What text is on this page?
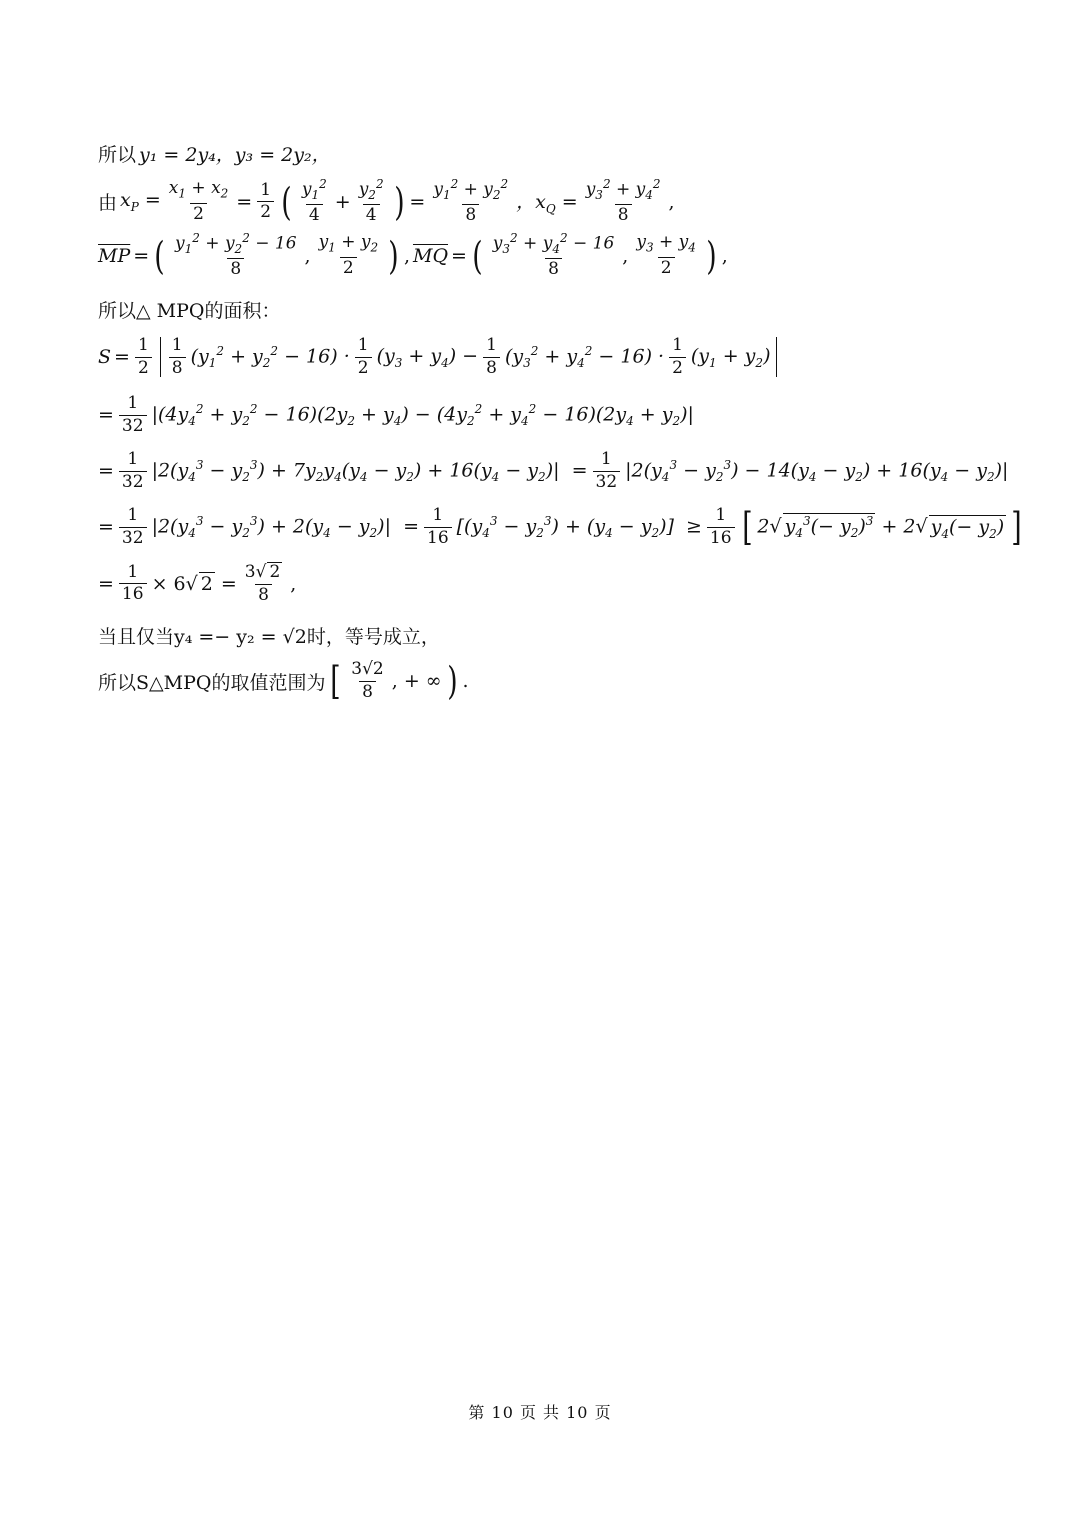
所以 y₁ = 2y₄，y₃ = 2y₂，
由 $x_P = \frac{x_1 + x_2}{2} = \frac{1}{2}$ ( $\frac{y_1^2}{4} + \frac{y_2^2}{4}$ ) = $\frac{y_1^2 + y_2^2}{8}$ ，$x_Q = \frac{y_3^2 + y_4^2}{8}$ ,
$\overline{MP}$ = ( $\frac{y_1^2 + y_2^2 - 16}{8}$ , $\frac{y_1 + y_2}{2}$ ) , $\overline{MQ}$ = ( $\frac{y_3^2 + y_4^2 - 16}{8}$ , $\frac{y_3 + y_4}{2}$ ) ,
所以△ MPQ的面积：
$S = \frac{1}{2} \frac{1}{8} (y_1^2 + y_2^2 - 16) \cdot \frac{1}{2} (y_3 + y_4) - \frac{1}{8} (y_3^2 + y_4^2 - 16) \cdot \frac{1}{2} (y_1 + y_2)$
= $\frac{1}{32} |(4y_4^2 + y_2^2 - 16)(2y_2 + y_4) - (4y_2^2 + y_4^2 - 16)(2y_4 + y_2)|$
= $\frac{1}{32} |2(y_4^3 - y_2^3) + 7y_2y_4(y_4 - y_2) + 16(y_4 - y_2)| = \frac{1}{32} |2(y_4^3 - y_2^3) - 14(y_4 - y_2) + 16(y_4 - y_2)|$
= $\frac{1}{32} |2(y_4^3 - y_2^3) + 2(y_4 - y_2)| = \frac{1}{16} [(y_4^3 - y_2^3) + (y_4 - y_2)] \ge \frac{1}{16}$ [ 2√ $y_4^3(- y_2)^3 + 2√$ $y_4(- y_2)$ ]
= $\frac{1}{16} \times 6√$ $2 = \frac{3√ 2}{8}$ ,
当且仅当y₄ =− y₂ = √2时，等号成立，
所以S△MPQ的取值范围为 [ $\frac{3√2}{8}$ , + ∞ ) .
第 10 页 共 10 页
